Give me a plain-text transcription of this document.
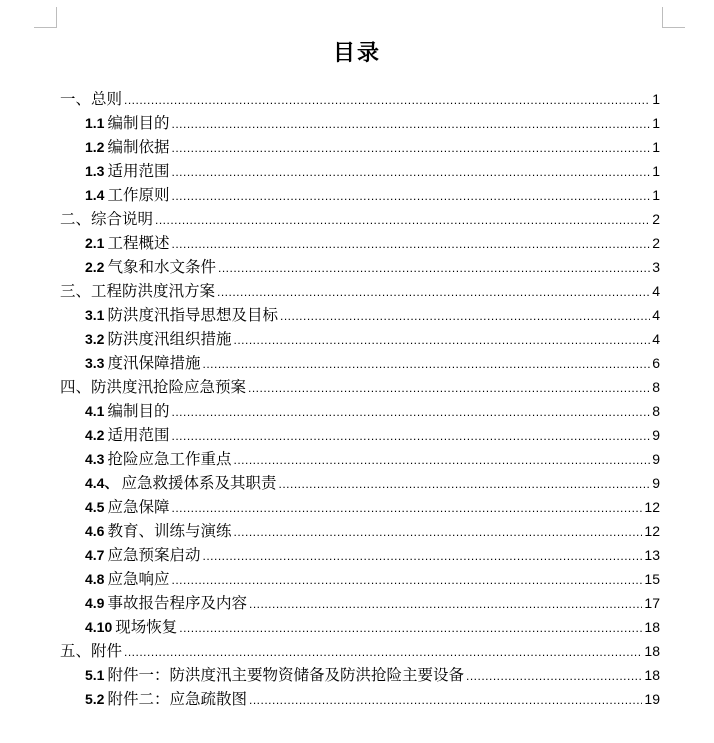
目录
一、总则 .....	1
1.1 编制目的 .....	1
1.2 编制依据 .....	1
1.3 适用范围 .....	1
1.4 工作原则 .....	1
二、综合说明 .....	2
2.1 工程概述 .....	2
2.2 气象和水文条件 .....	3
三、工程防洪度汛方案 .....	4
3.1 防洪度汛指导思想及目标 .....	4
3.2 防洪度汛组织措施 .....	4
3.3 度汛保障措施 .....	6
四、防洪度汛抢险应急预案 .....	8
4.1 编制目的 .....	8
4.2 适用范围 .....	9
4.3 抢险应急工作重点 .....	9
4.4、 应急救援体系及其职责 .....	9
4.5 应急保障 .....	12
4.6 教育、训练与演练 .....	12
4.7 应急预案启动 .....	13
4.8 应急响应 .....	15
4.9 事故报告程序及内容 .....	17
4.10 现场恢复 .....	18
五、附件 .....	18
5.1 附件一：防洪度汛主要物资储备及防洪抢险主要设备 .....	18
5.2 附件二：应急疏散图 .....	19
